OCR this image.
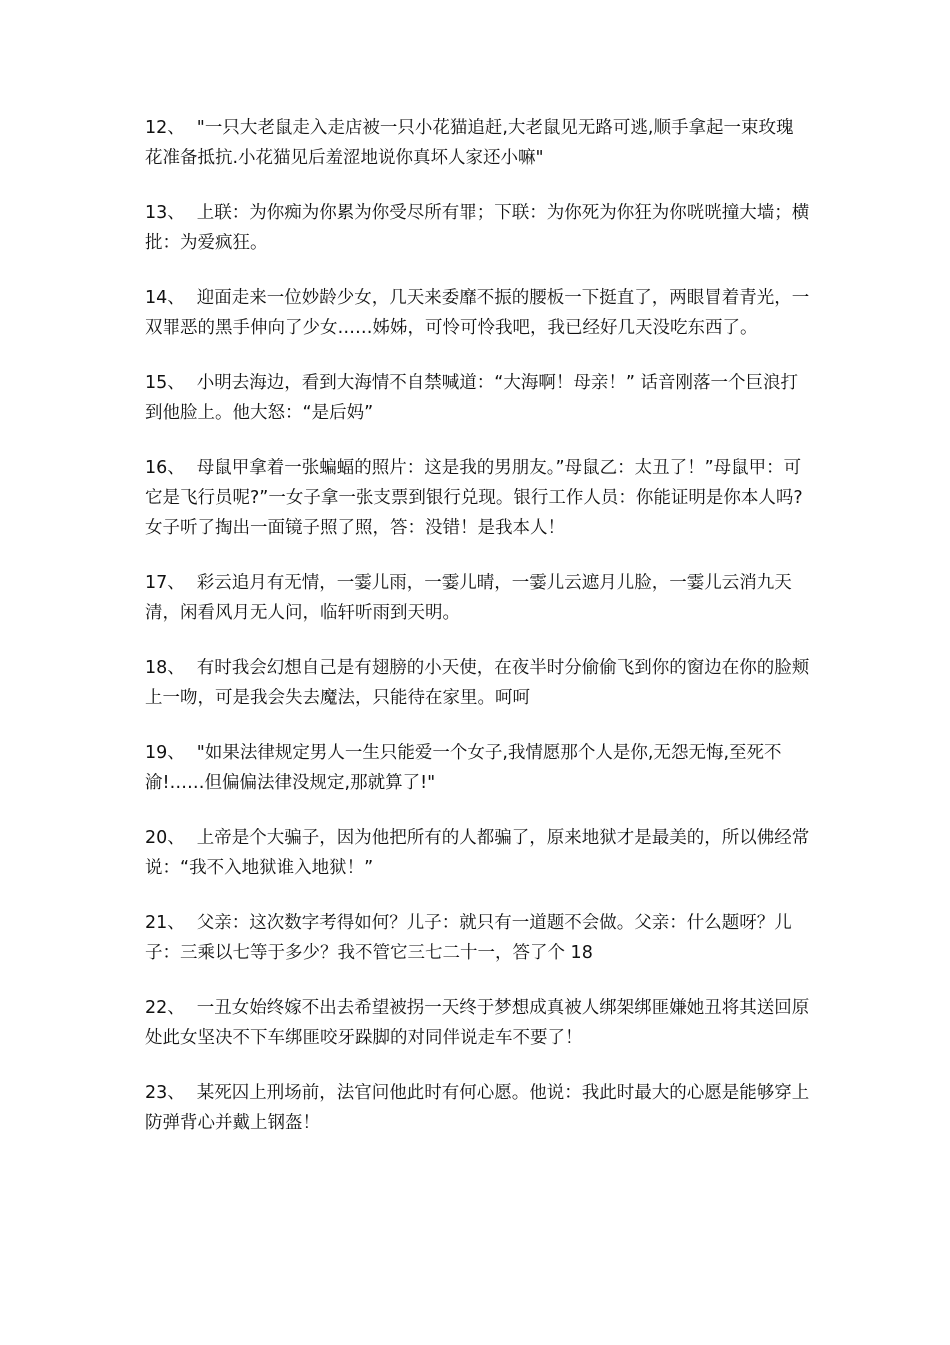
12、 "一只大老鼠走入走店被一只小花猫追赶,大老鼠见无路可逃,顺手拿起一束玫瑰花准备抵抗.小花猫见后羞涩地说你真坏人家还小嘛"

13、 上联：为你痴为你累为你受尽所有罪；下联：为你死为你狂为你咣咣撞大墙；横批：为爱疯狂。

14、 迎面走来一位妙龄少女，几天来委靡不振的腰板一下挺直了，两眼冒着青光，一双罪恶的黑手伸向了少女……姊姊，可怜可怜我吧，我已经好几天没吃东西了。

15、 小明去海边，看到大海情不自禁喊道：“大海啊！母亲！” 话音刚落一个巨浪打到他脸上。他大怒：“是后妈”

16、 母鼠甲拿着一张蝙蝠的照片：这是我的男朋友。”母鼠乙：太丑了！”母鼠甲：可它是飞行员呢?”一女子拿一张支票到银行兑现。银行工作人员：你能证明是你本人吗?女子听了掏出一面镜子照了照，答：没错！是我本人！

17、 彩云追月有无情，一霎儿雨，一霎儿晴，一霎儿云遮月儿脸，一霎儿云消九天清，闲看风月无人问，临轩听雨到天明。

18、 有时我会幻想自己是有翅膀的小天使，在夜半时分偷偷飞到你的窗边在你的脸颊上一吻，可是我会失去魔法，只能待在家里。呵呵

19、 "如果法律规定男人一生只能爱一个女子,我情愿那个人是你,无怨无悔,至死不渝!……但偏偏法律没规定,那就算了!"

20、 上帝是个大骗子，因为他把所有的人都骗了，原来地狱才是最美的，所以佛经常说：“我不入地狱谁入地狱！”

21、 父亲：这次数字考得如何？儿子：就只有一道题不会做。父亲：什么题呀？儿子：三乘以七等于多少？我不管它三七二十一，答了个 18

22、 一丑女始终嫁不出去希望被拐一天终于梦想成真被人绑架绑匪嫌她丑将其送回原处此女坚决不下车绑匪咬牙跺脚的对同伴说走车不要了！

23、 某死囚上刑场前，法官问他此时有何心愿。他说：我此时最大的心愿是能够穿上防弹背心并戴上钢盔！
